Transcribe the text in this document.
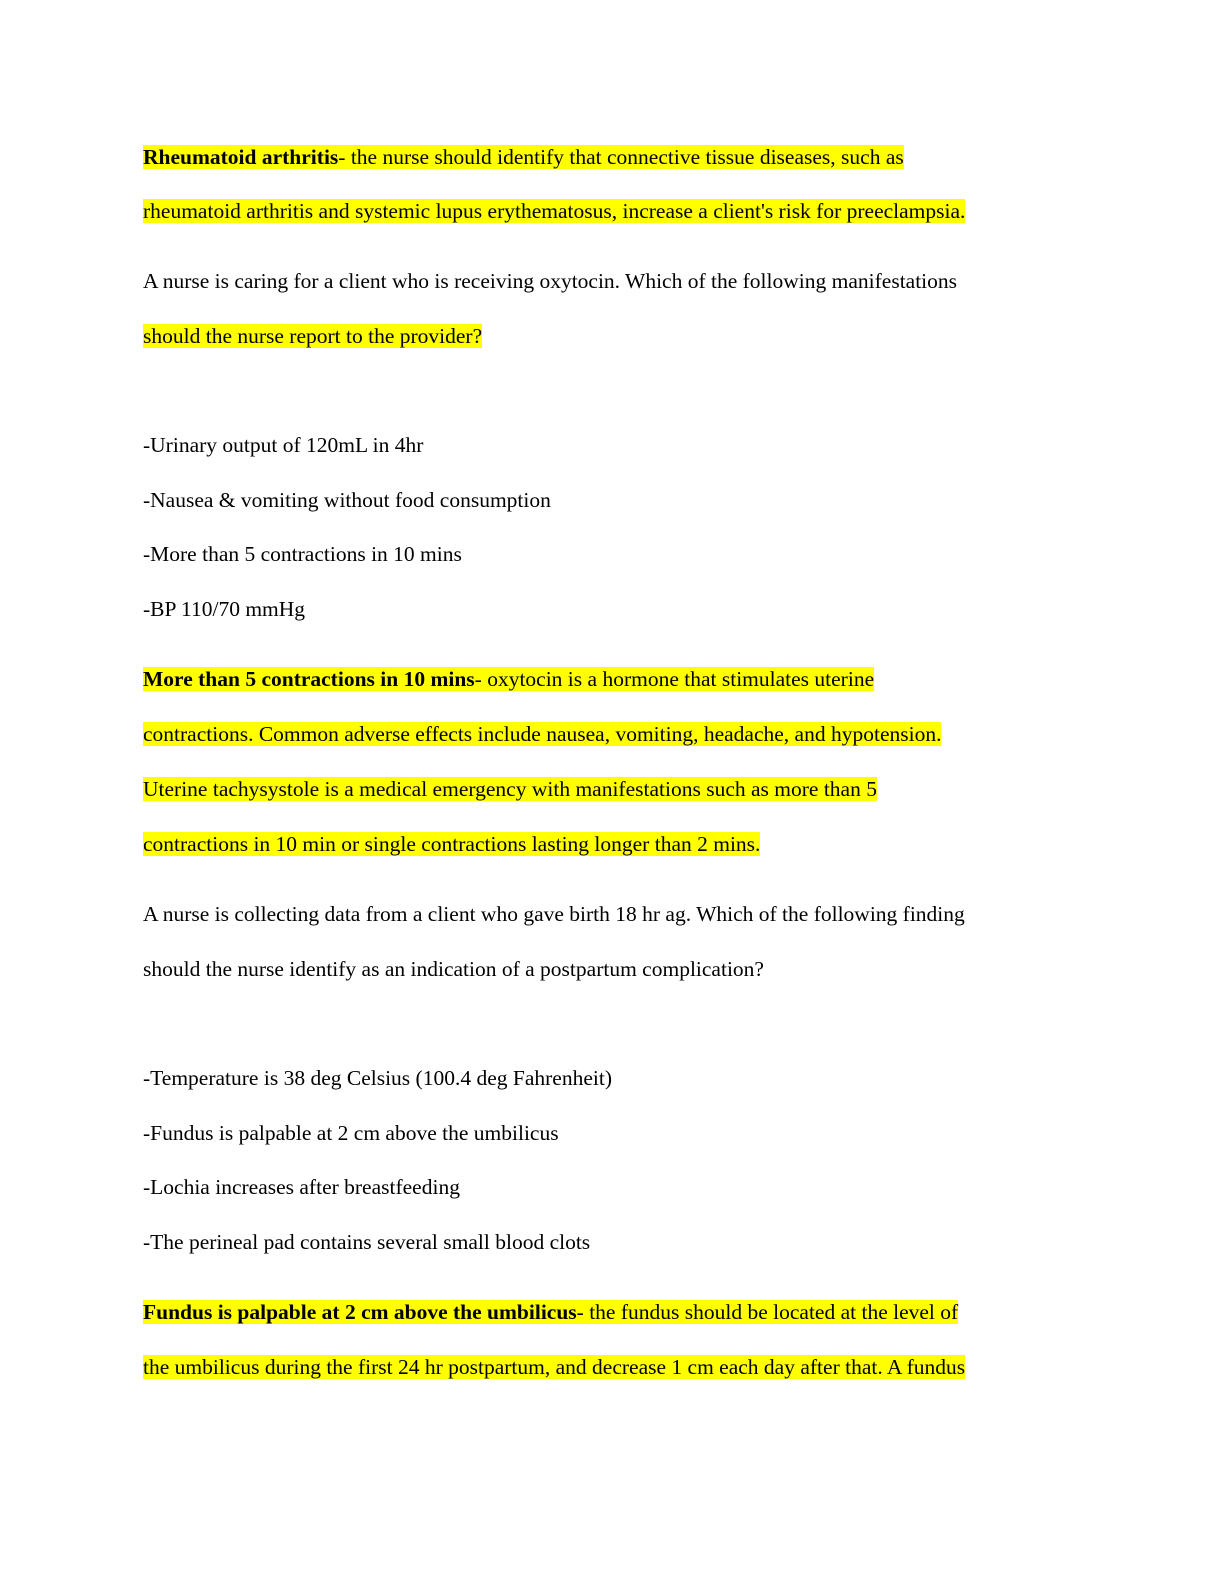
Rheumatoid arthritis- the nurse should identify that connective tissue diseases, such as
rheumatoid arthritis and systemic lupus erythematosus, increase a client's risk for preeclampsia.
A nurse is caring for a client who is receiving oxytocin. Which of the following manifestations
should the nurse report to the provider?
-Urinary output of 120mL in 4hr
-Nausea & vomiting without food consumption
-More than 5 contractions in 10 mins
-BP 110/70 mmHg
More than 5 contractions in 10 mins- oxytocin is a hormone that stimulates uterine
contractions. Common adverse effects include nausea, vomiting, headache, and hypotension.
Uterine tachysystole is a medical emergency with manifestations such as more than 5
contractions in 10 min or single contractions lasting longer than 2 mins.
A nurse is collecting data from a client who gave birth 18 hr ag. Which of the following finding
should the nurse identify as an indication of a postpartum complication?
-Temperature is 38 deg Celsius (100.4 deg Fahrenheit)
-Fundus is palpable at 2 cm above the umbilicus
-Lochia increases after breastfeeding
-The perineal pad contains several small blood clots
Fundus is palpable at 2 cm above the umbilicus- the fundus should be located at the level of
the umbilicus during the first 24 hr postpartum, and decrease 1 cm each day after that. A fundus
